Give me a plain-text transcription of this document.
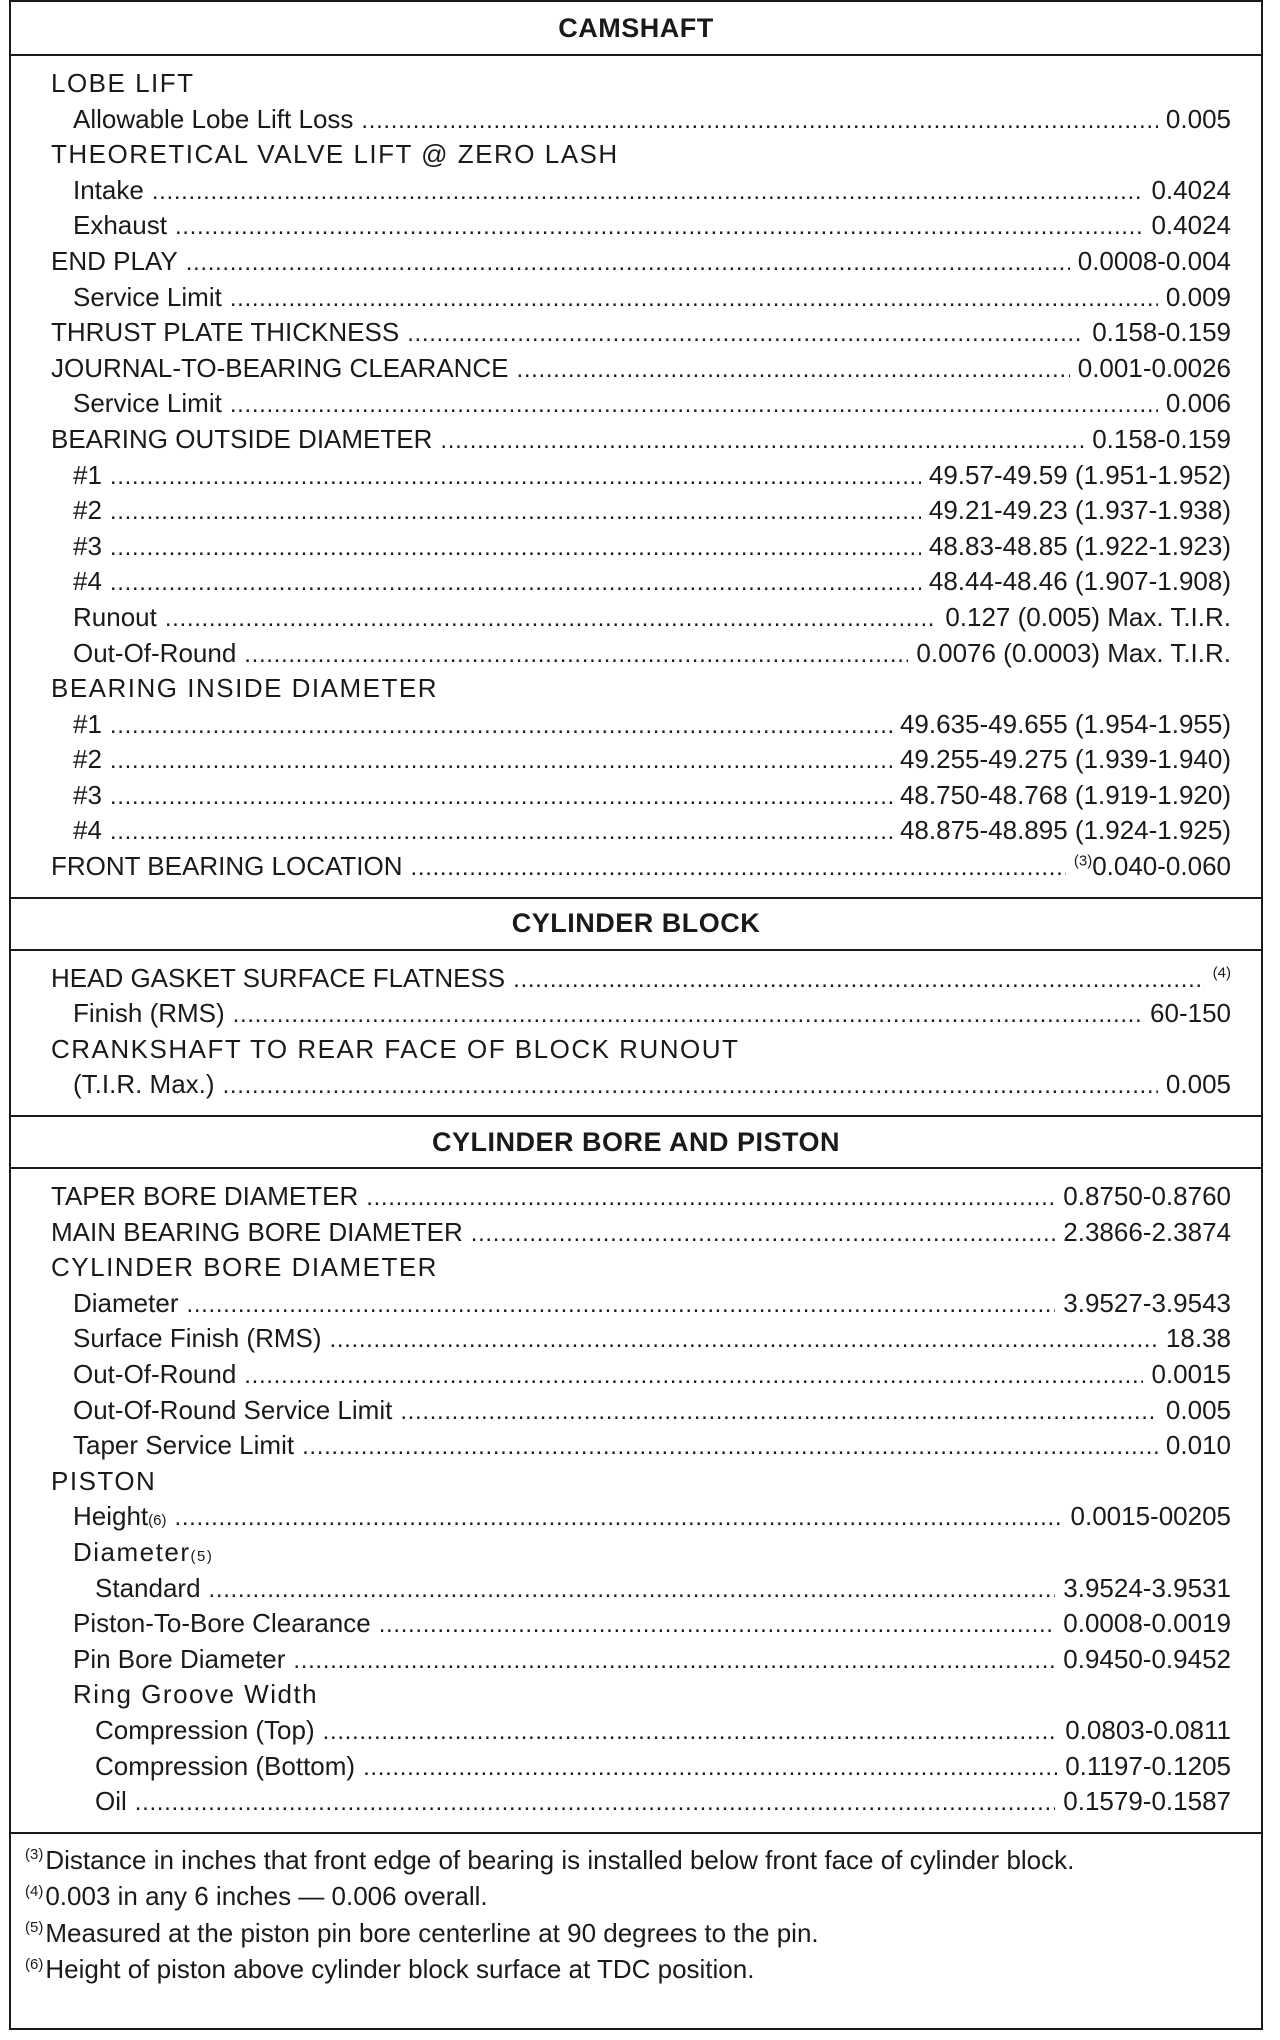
CAMSHAFT
LOBE LIFT
Allowable Lobe Lift Loss . . .	0.005
THEORETICAL VALVE LIFT @ ZERO LASH
Intake . . .	0.4024
Exhaust . . .	0.4024
END PLAY . . .	0.0008-0.004
Service Limit . . .	0.009
THRUST PLATE THICKNESS . . .	0.158-0.159
JOURNAL-TO-BEARING CLEARANCE . . .	0.001-0.0026
Service Limit . . .	0.006
BEARING OUTSIDE DIAMETER . . .	0.158-0.159
#1 . . .	49.57-49.59 (1.951-1.952)
#2 . . .	49.21-49.23 (1.937-1.938)
#3 . . .	48.83-48.85 (1.922-1.923)
#4 . . .	48.44-48.46 (1.907-1.908)
Runout . . .	0.127 (0.005) Max. T.I.R.
Out-Of-Round . . .	0.0076 (0.0003) Max. T.I.R.
BEARING INSIDE DIAMETER
#1 . . .	49.635-49.655 (1.954-1.955)
#2 . . .	49.255-49.275 (1.939-1.940)
#3 . . .	48.750-48.768 (1.919-1.920)
#4 . . .	48.875-48.895 (1.924-1.925)
FRONT BEARING LOCATION . . .	$^{(3)}$0.040-0.060
CYLINDER BLOCK
HEAD GASKET SURFACE FLATNESS . . .	$^{(4)}$
Finish (RMS) . . .	60-150
CRANKSHAFT TO REAR FACE OF BLOCK RUNOUT
(T.I.R. Max.) . . .	0.005
CYLINDER BORE AND PISTON
TAPER BORE DIAMETER . . .	0.8750-0.8760
MAIN BEARING BORE DIAMETER . . .	2.3866-2.3874
CYLINDER BORE DIAMETER
Diameter . . .	3.9527-3.9543
Surface Finish (RMS) . . .	18.38
Out-Of-Round . . .	0.0015
Out-Of-Round Service Limit . . .	0.005
Taper Service Limit . . .	0.010
PISTON
Height (6) . . .	0.0015-00205
Diameter (5)
Standard . . .	3.9524-3.9531
Piston-To-Bore Clearance . . .	0.0008-0.0019
Pin Bore Diameter . . .	0.9450-0.9452
Ring Groove Width
Compression (Top) . . .	0.0803-0.0811
Compression (Bottom) . . .	0.1197-0.1205
Oil . . .	0.1579-0.1587
$^{(3)}$Distance in inches that front edge of bearing is installed below front face of cylinder block.
$^{(4)}$0.003 in any 6 inches — 0.006 overall.
$^{(5)}$Measured at the piston pin bore centerline at 90 degrees to the pin.
$^{(6)}$Height of piston above cylinder block surface at TDC position.
